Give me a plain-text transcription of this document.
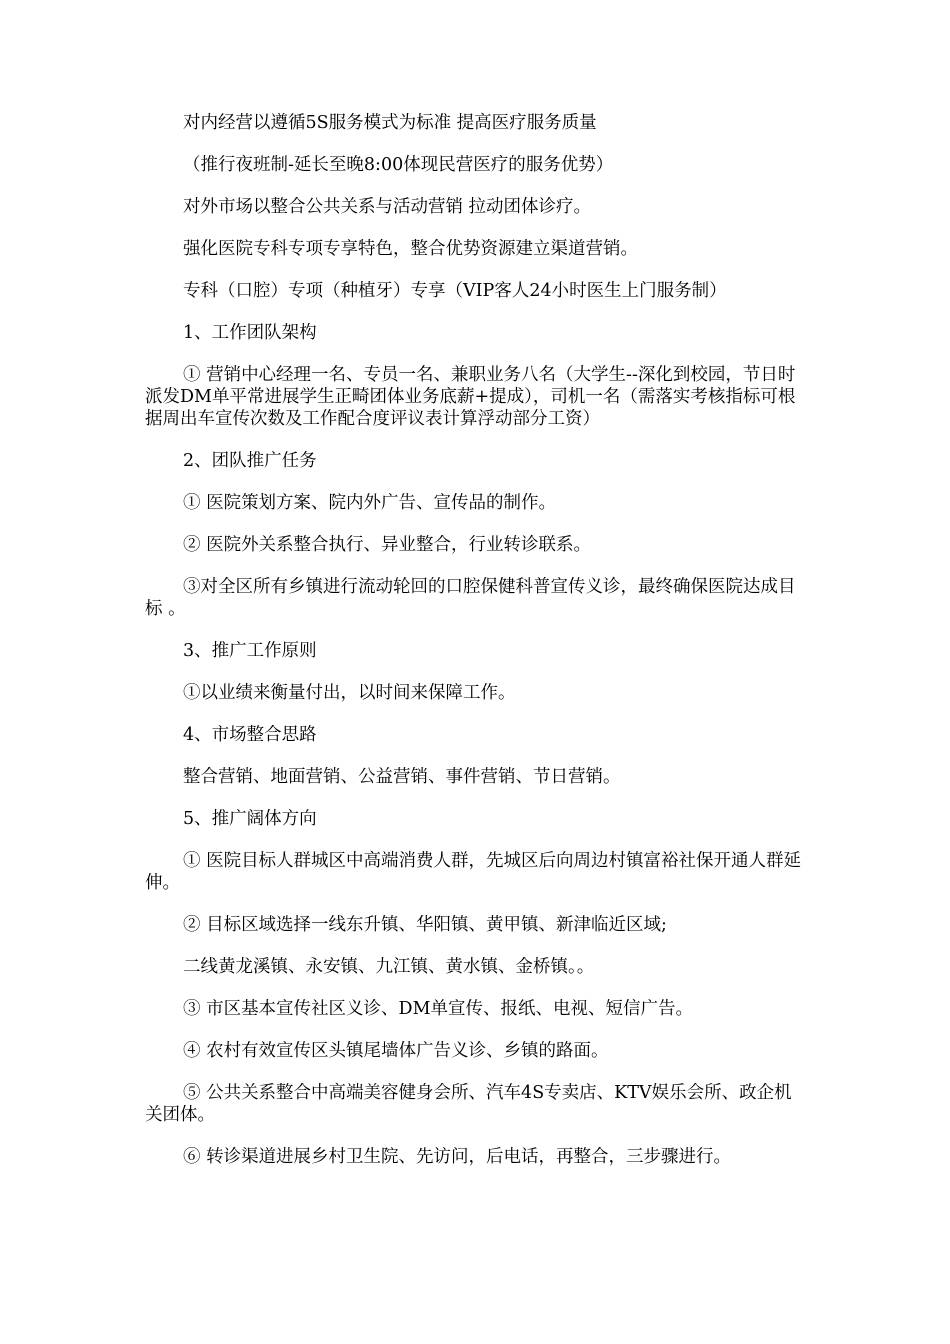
对内经营以遵循5S服务模式为标准 提高医疗服务质量

（推行夜班制-延长至晚8:00体现民营医疗的服务优势）

对外市场以整合公共关系与活动营销 拉动团体诊疗。

强化医院专科专项专享特色，整合优势资源建立渠道营销。

专科（口腔）专项（种植牙）专享（VIP客人24小时医生上门服务制）

1、工作团队架构

① 营销中心经理一名、专员一名、兼职业务八名（大学生--深化到校园，节日时派发DM单平常进展学生正畸团体业务底薪+提成），司机一名（需落实考核指标可根据周出车宣传次数及工作配合度评议表计算浮动部分工资）

2、团队推广任务

① 医院策划方案、院内外广告、宣传品的制作。

② 医院外关系整合执行、异业整合，行业转诊联系。

③对全区所有乡镇进行流动轮回的口腔保健科普宣传义诊，最终确保医院达成目标 。

3、推广工作原则

①以业绩来衡量付出，以时间来保障工作。

4、市场整合思路

整合营销、地面营销、公益营销、事件营销、节日营销。

5、推广阔体方向

① 医院目标人群城区中高端消费人群，先城区后向周边村镇富裕社保开通人群延伸。

② 目标区域选择一线东升镇、华阳镇、黄甲镇、新津临近区域;

二线黄龙溪镇、永安镇、九江镇、黄水镇、金桥镇。。

③ 市区基本宣传社区义诊、DM单宣传、报纸、电视、短信广告。

④ 农村有效宣传区头镇尾墙体广告义诊、乡镇的路面。

⑤ 公共关系整合中高端美容健身会所、汽车4S专卖店、KTV娱乐会所、政企机关团体。

⑥ 转诊渠道进展乡村卫生院、先访问，后电话，再整合，三步骤进行。
